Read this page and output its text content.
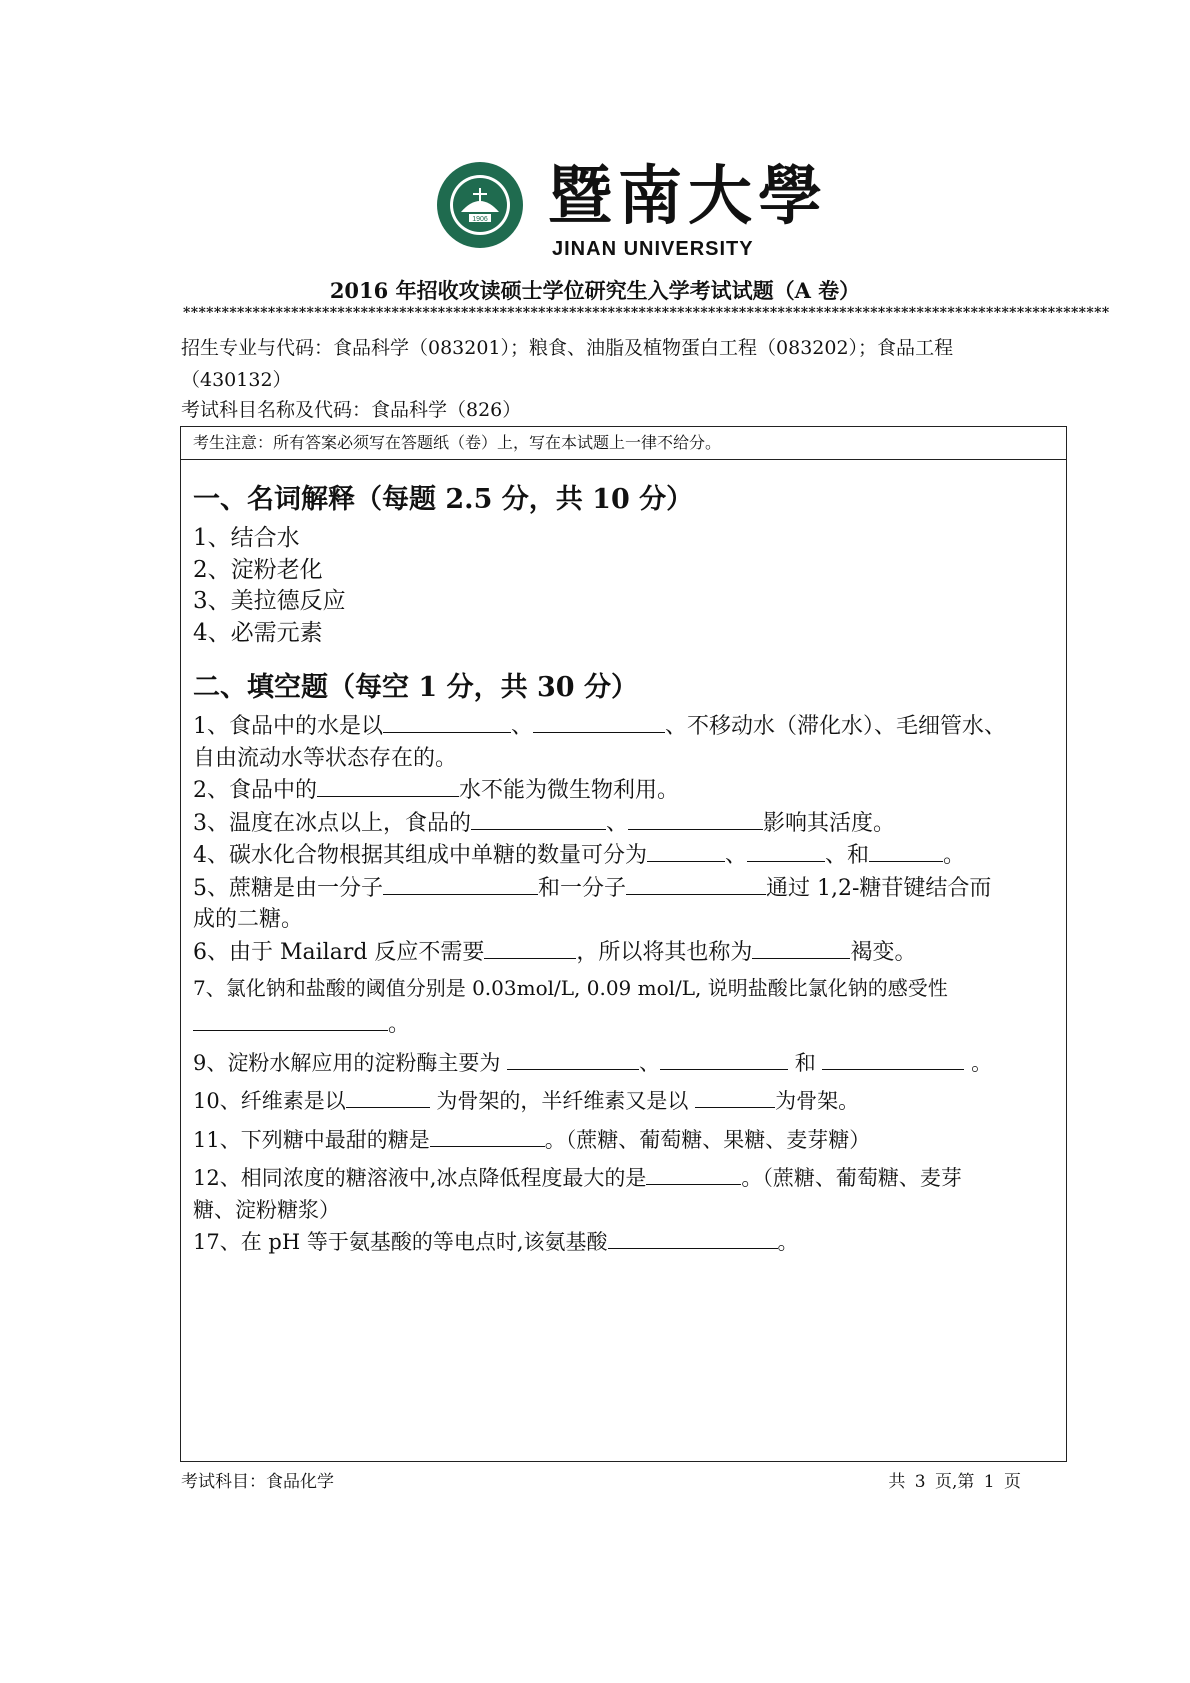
1906 暨南大學
JINAN UNIVERSITY
2016 年招收攻读硕士学位研究生入学考试试题（A 卷）
************************************************************************************************************************
招生专业与代码：食品科学（083201）；粮食、油脂及植物蛋白工程（083202）；食品工程
（430132）
考试科目名称及代码：食品科学（826）
考生注意：所有答案必须写在答题纸（卷）上，写在本试题上一律不给分。
一、名词解释（每题 2.5 分，共 10 分）
1、结合水
2、淀粉老化
3、美拉德反应
4、必需元素
二、填空题（每空 1 分，共 30 分）
1、食品中的水是以	、	、不移动水（滞化水）、毛细管水、
自由流动水等状态存在的。
2、食品中的	水不能为微生物利用。
3、温度在冰点以上，食品的	、	影响其活度。
4、碳水化合物根据其组成中单糖的数量可分为	、	、和	。
5、蔗糖是由一分子	和一分子	通过 1,2-糖苷键结合而
成的二糖。
6、由于 Mailard 反应不需要	，所以将其也称为	褐变。
7、氯化钠和盐酸的阈值分别是 0.03mol/L, 0.09 mol/L, 说明盐酸比氯化钠的感受性
。
9、淀粉水解应用的淀粉酶主要为	、	和	。
10、纤维素是以	为骨架的，半纤维素又是以	为骨架。
11、下列糖中最甜的糖是	。（蔗糖、葡萄糖、果糖、麦芽糖）
12、相同浓度的糖溶液中,冰点降低程度最大的是	。（蔗糖、葡萄糖、麦芽
糖、淀粉糖浆）
17、在 pH 等于氨基酸的等电点时,该氨基酸	。
考试科目：食品化学	共 3 页,第 1 页
